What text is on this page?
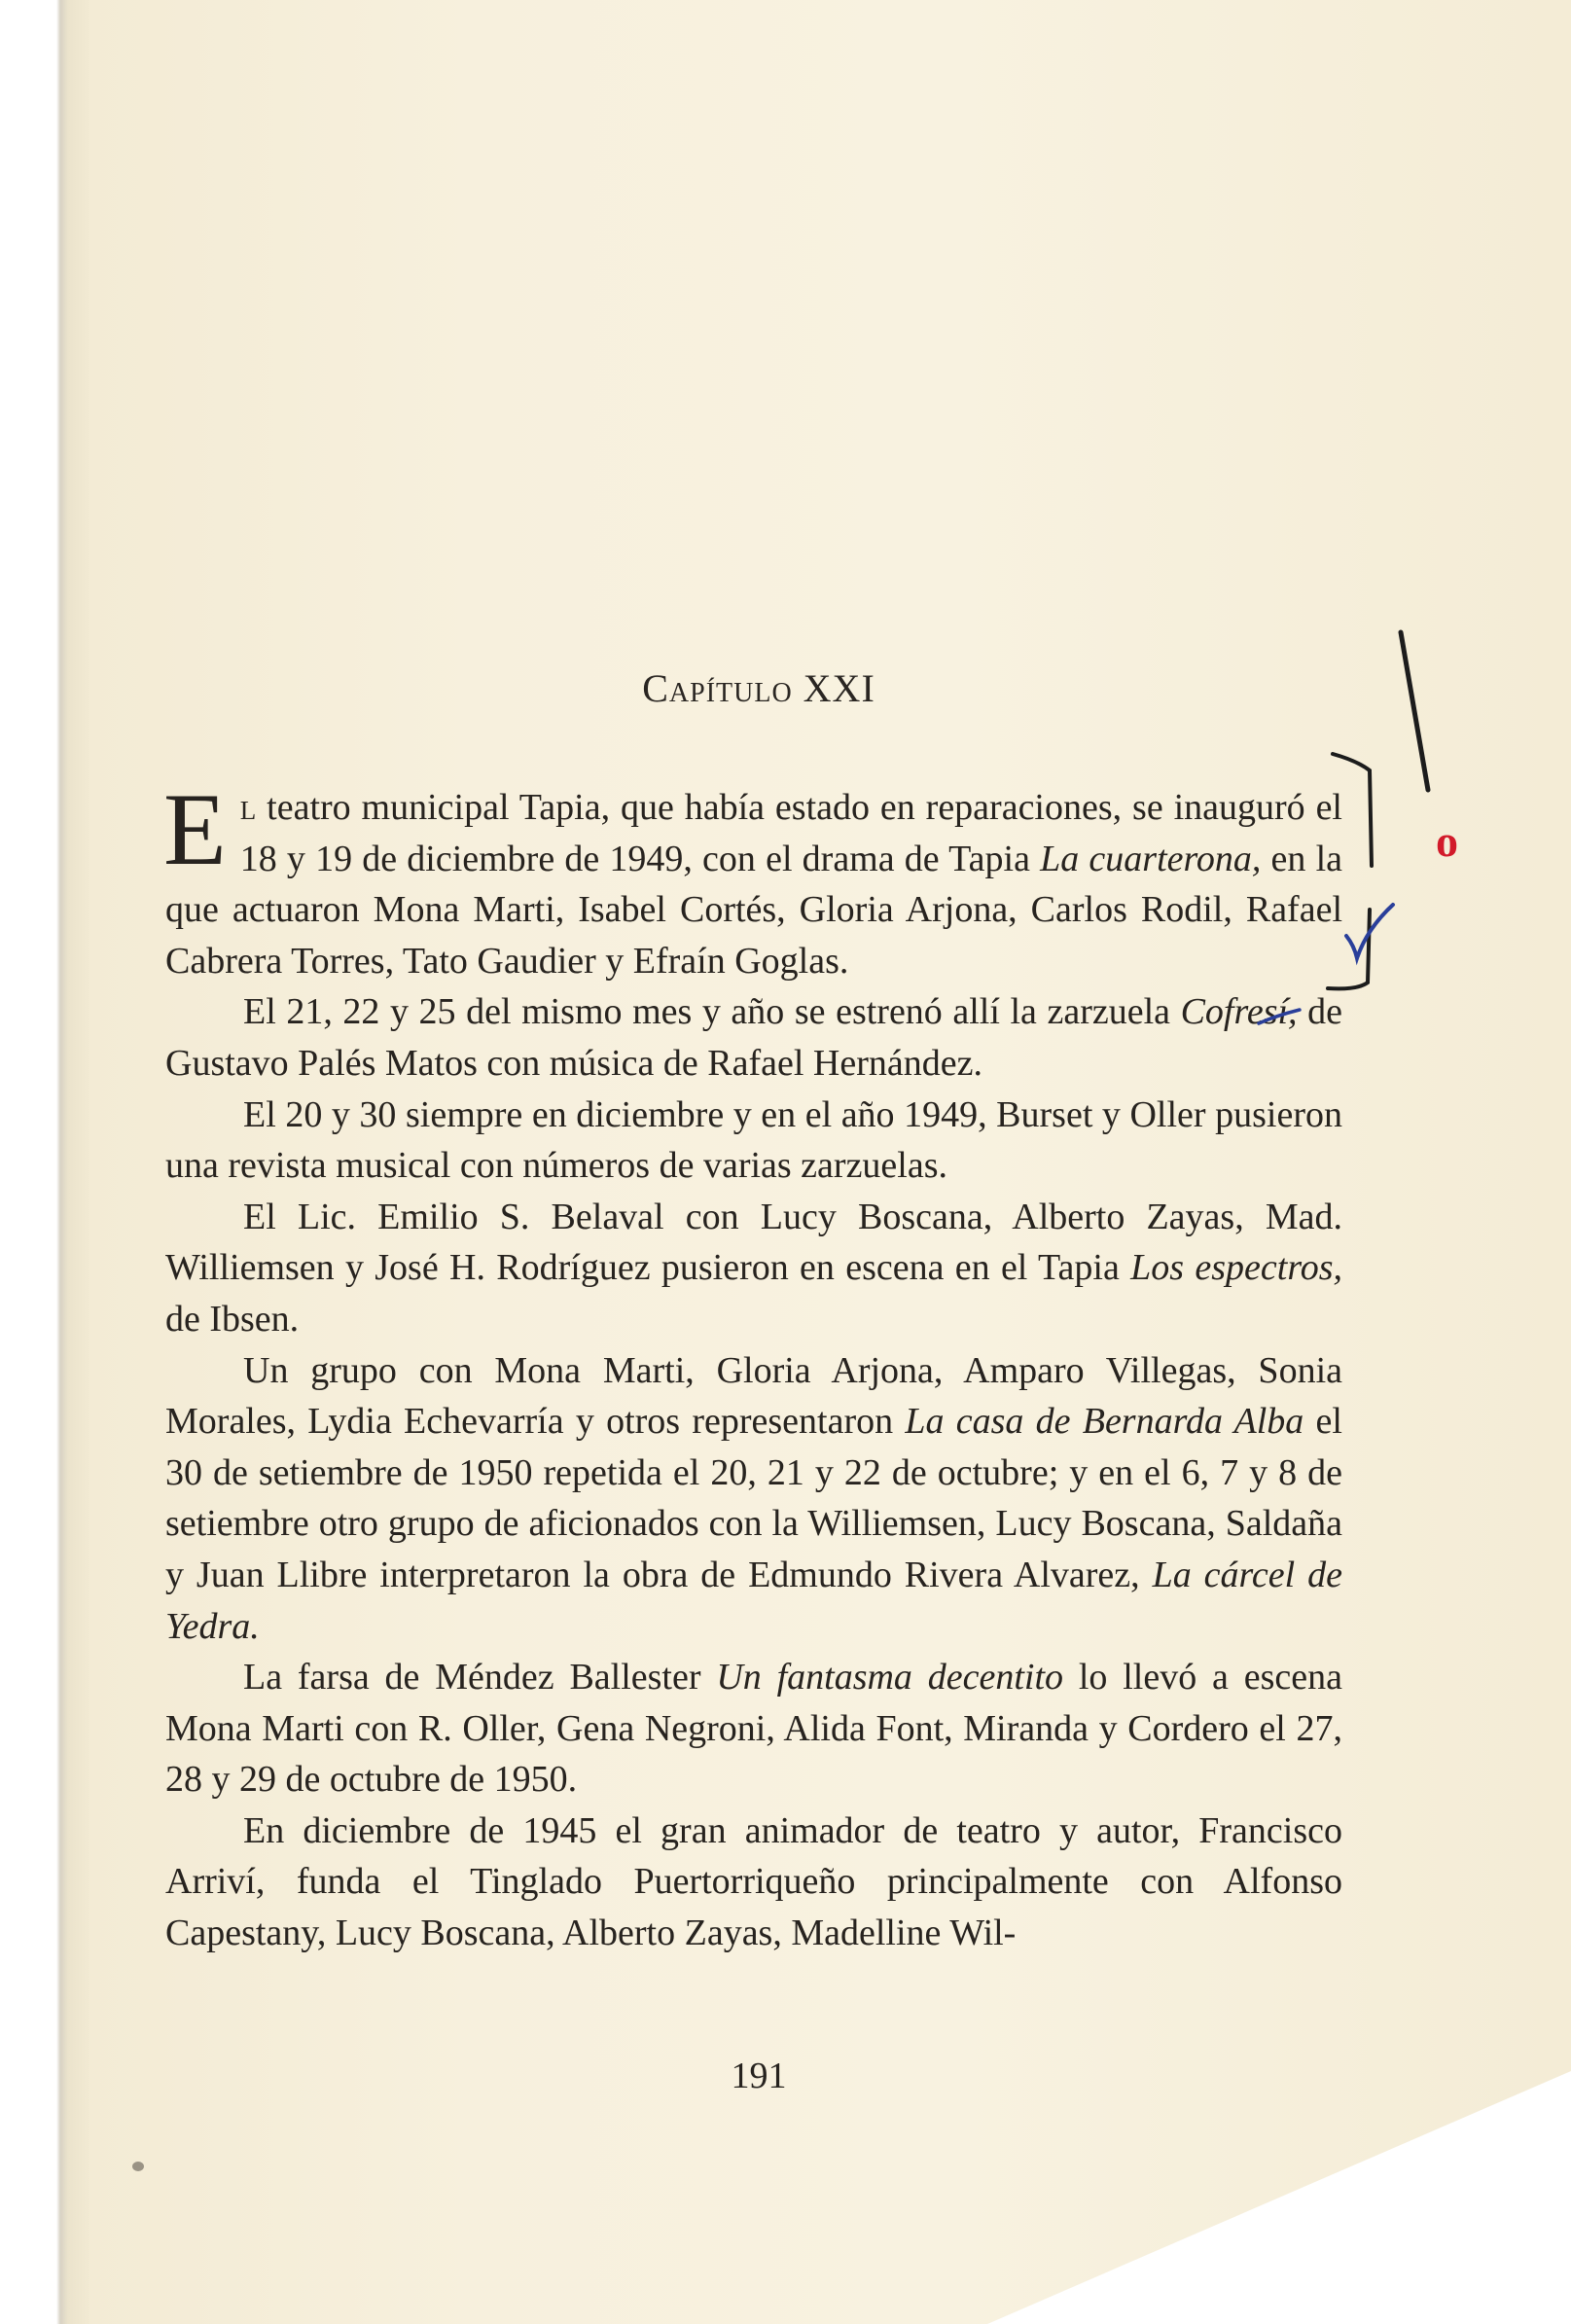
Capítulo XXI

El teatro municipal Tapia, que había estado en reparaciones, se inauguró el 18 y 19 de diciembre de 1949, con el drama de Tapia La cuarterona, en la que actuaron Mona Marti, Isabel Cortés, Gloria Arjona, Carlos Rodil, Rafael Cabrera Torres, Tato Gaudier y Efraín Goglas.

El 21, 22 y 25 del mismo mes y año se estrenó allí la zarzuela Cofresí, de Gustavo Palés Matos con música de Rafael Hernández.

El 20 y 30 siempre en diciembre y en el año 1949, Burset y Oller pusieron una revista musical con números de varias zarzuelas.

El Lic. Emilio S. Belaval con Lucy Boscana, Alberto Zayas, Mad. Williemsen y José H. Rodríguez pusieron en escena en el Tapia Los espectros, de Ibsen.

Un grupo con Mona Marti, Gloria Arjona, Amparo Villegas, Sonia Morales, Lydia Echevarría y otros representaron La casa de Bernarda Alba el 30 de setiembre de 1950 repetida el 20, 21 y 22 de octubre; y en el 6, 7 y 8 de setiembre otro grupo de aficionados con la Williemsen, Lucy Boscana, Saldaña y Juan Llibre interpretaron la obra de Edmundo Rivera Alvarez, La cárcel de Yedra.

La farsa de Méndez Ballester Un fantasma decentito lo llevó a escena Mona Marti con R. Oller, Gena Negroni, Alida Font, Miranda y Cordero el 27, 28 y 29 de octubre de 1950.

En diciembre de 1945 el gran animador de teatro y autor, Francisco Arriví, funda el Tinglado Puertorriqueño principalmente con Alfonso Capestany, Lucy Boscana, Alberto Zayas, Madelline Wil-

191
o
